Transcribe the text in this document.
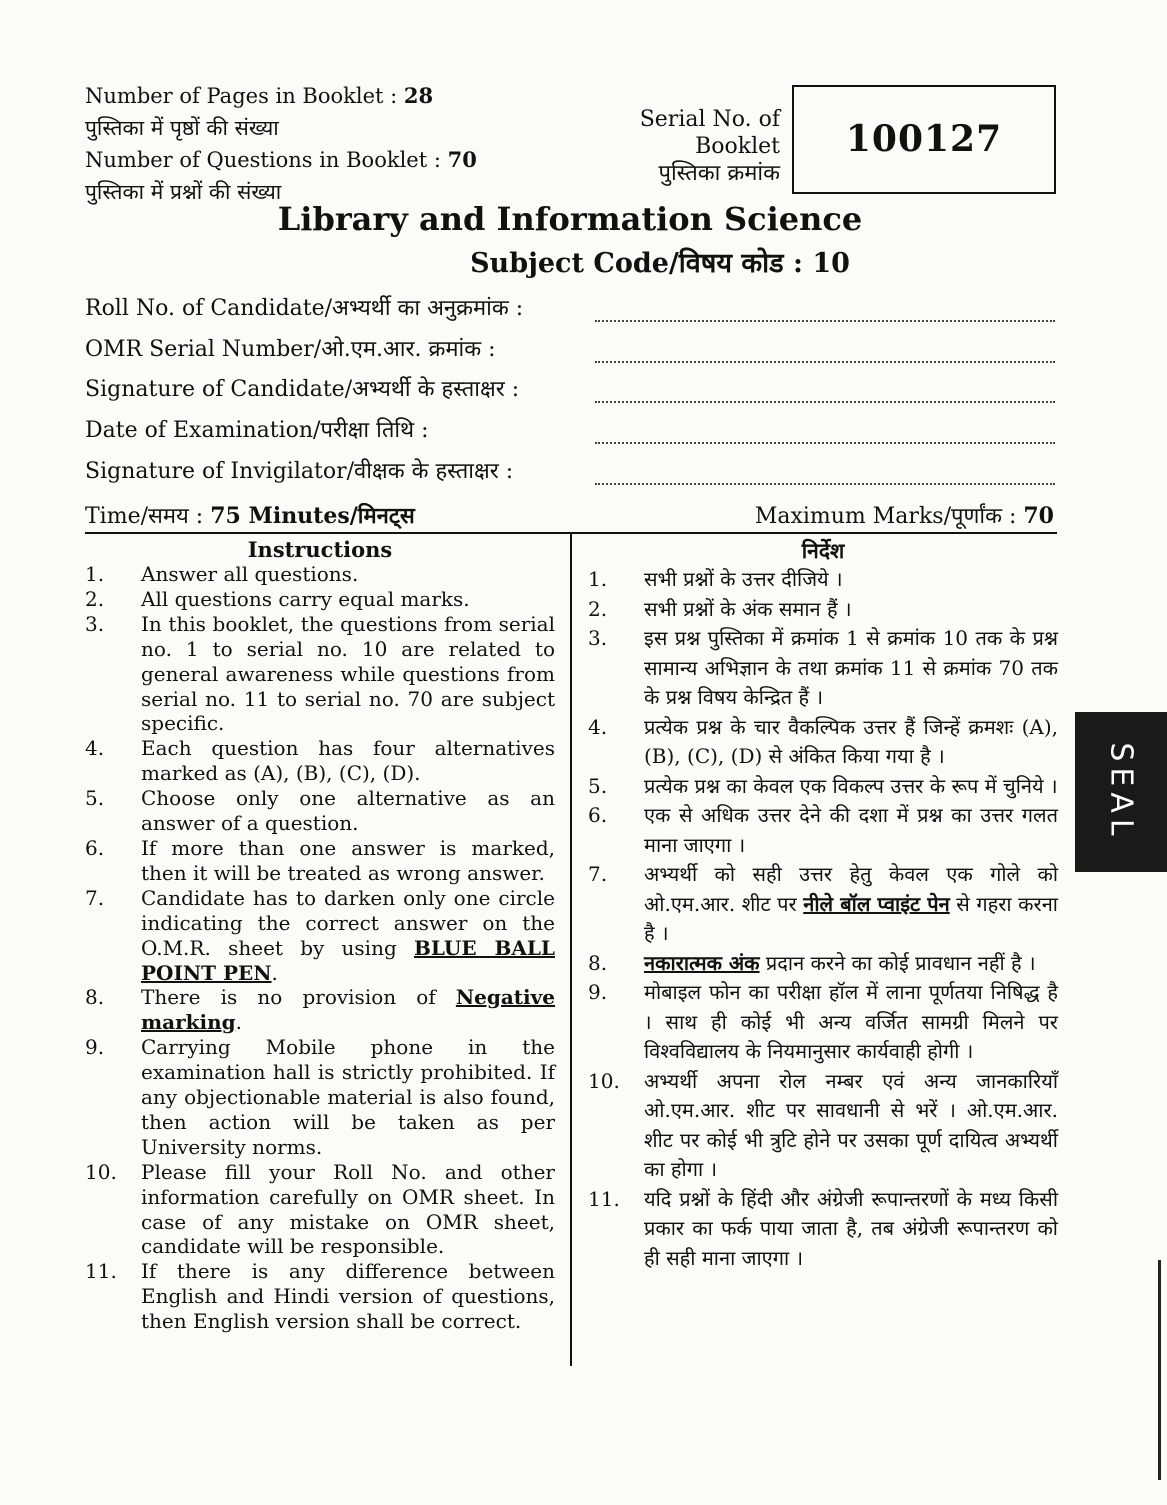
Number of Pages in Booklet : 28
पुस्तिका में पृष्ठों की संख्या
Number of Questions in Booklet : 70
पुस्तिका में प्रश्नों की संख्या
Serial No. of Booklet
पुस्तिका क्रमांक
100127
Library and Information Science
Subject Code/विषय कोड : 10
Roll No. of Candidate/अभ्यर्थी का अनुक्रमांक :
OMR Serial Number/ओ.एम.आर. क्रमांक :
Signature of Candidate/अभ्यर्थी के हस्ताक्षर :
Date of Examination/परीक्षा तिथि :
Signature of Invigilator/वीक्षक के हस्ताक्षर :
Time/समय : 75 Minutes/मिनट्स	Maximum Marks/पूर्णांक : 70
Instructions
1. Answer all questions.
2. All questions carry equal marks.
3. In this booklet, the questions from serial no. 1 to serial no. 10 are related to general awareness while questions from serial no. 11 to serial no. 70 are subject specific.
4. Each question has four alternatives marked as (A), (B), (C), (D).
5. Choose only one alternative as an answer of a question.
6. If more than one answer is marked, then it will be treated as wrong answer.
7. Candidate has to darken only one circle indicating the correct answer on the O.M.R. sheet by using BLUE BALL POINT PEN.
8. There is no provision of Negative marking.
9. Carrying Mobile phone in the examination hall is strictly prohibited. If any objectionable material is also found, then action will be taken as per University norms.
10. Please fill your Roll No. and other information carefully on OMR sheet. In case of any mistake on OMR sheet, candidate will be responsible.
11. If there is any difference between English and Hindi version of questions, then English version shall be correct.
निर्देश
1. सभी प्रश्नों के उत्तर दीजिये ।
2. सभी प्रश्नों के अंक समान हैं ।
3. इस प्रश्न पुस्तिका में क्रमांक 1 से क्रमांक 10 तक के प्रश्न सामान्य अभिज्ञान के तथा क्रमांक 11 से क्रमांक 70 तक के प्रश्न विषय केन्द्रित हैं ।
4. प्रत्येक प्रश्न के चार वैकल्पिक उत्तर हैं जिन्हें क्रमशः (A), (B), (C), (D) से अंकित किया गया है ।
5. प्रत्येक प्रश्न का केवल एक विकल्प उत्तर के रूप में चुनिये ।
6. एक से अधिक उत्तर देने की दशा में प्रश्न का उत्तर गलत माना जाएगा ।
7. अभ्यर्थी को सही उत्तर हेतु केवल एक गोले को ओ.एम.आर. शीट पर नीले बॉल प्वाइंट पेन से गहरा करना है ।
8. नकारात्मक अंक प्रदान करने का कोई प्रावधान नहीं है ।
9. मोबाइल फोन का परीक्षा हॉल में लाना पूर्णतया निषिद्ध है । साथ ही कोई भी अन्य वर्जित सामग्री मिलने पर विश्वविद्यालय के नियमानुसार कार्यवाही होगी ।
10. अभ्यर्थी अपना रोल नम्बर एवं अन्य जानकारियाँ ओ.एम.आर. शीट पर सावधानी से भरें । ओ.एम.आर. शीट पर कोई भी त्रुटि होने पर उसका पूर्ण दायित्व अभ्यर्थी का होगा ।
11. यदि प्रश्नों के हिंदी और अंग्रेजी रूपान्तरणों के मध्य किसी प्रकार का फर्क पाया जाता है, तब अंग्रेजी रूपान्तरण को ही सही माना जाएगा ।
SEAL
